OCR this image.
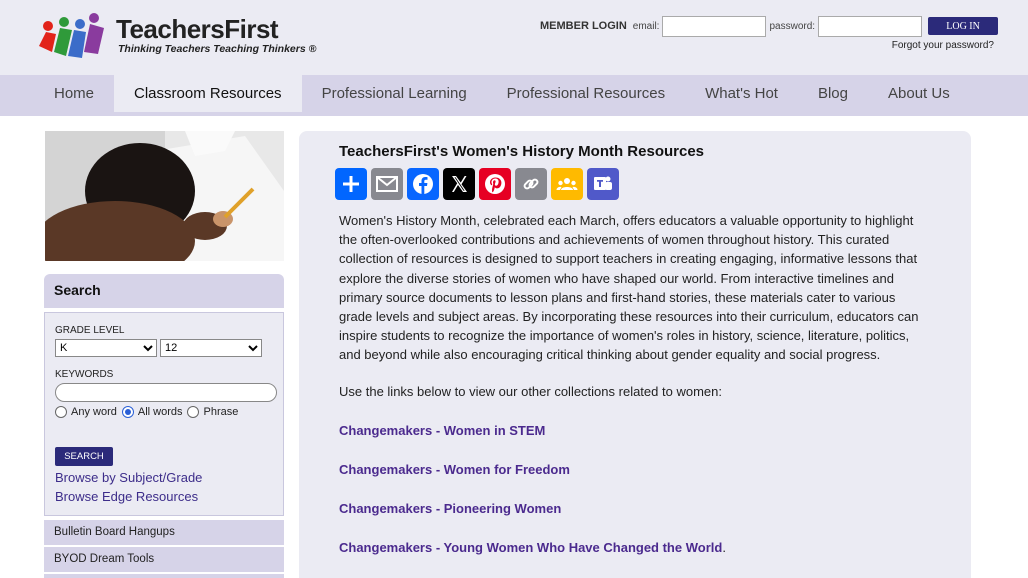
TeachersFirst
Thinking Teachers Teaching Thinkers ®
MEMBER LOGIN email:	password:	LOG IN
Forgot your password?
Home	Classroom Resources	Professional Learning	Professional Resources	What's Hot	Blog	About Us
Search
GRADE LEVEL
K
12
KEYWORDS
Any word All words Phrase
SEARCH
Browse by Subject/Grade
Browse Edge Resources
Bulletin Board Hangups
BYOD Dream Tools
TeachersFirst's Women's History Month Resources
Women's History Month, celebrated each March, offers educators a valuable opportunity to highlight the often-overlooked contributions and achievements of women throughout history. This curated collection of resources is designed to support teachers in creating engaging, informative lessons that explore the diverse stories of women who have shaped our world. From interactive timelines and primary source documents to lesson plans and first-hand stories, these materials cater to various grade levels and subject areas. By incorporating these resources into their curriculum, educators can inspire students to recognize the importance of women's roles in history, science, literature, politics, and beyond while also encouraging critical thinking about gender equality and social progress.
Use the links below to view our other collections related to women:
Changemakers - Women in STEM
Changemakers - Women for Freedom
Changemakers - Pioneering Women
Changemakers - Young Women Who Have Changed the World.
